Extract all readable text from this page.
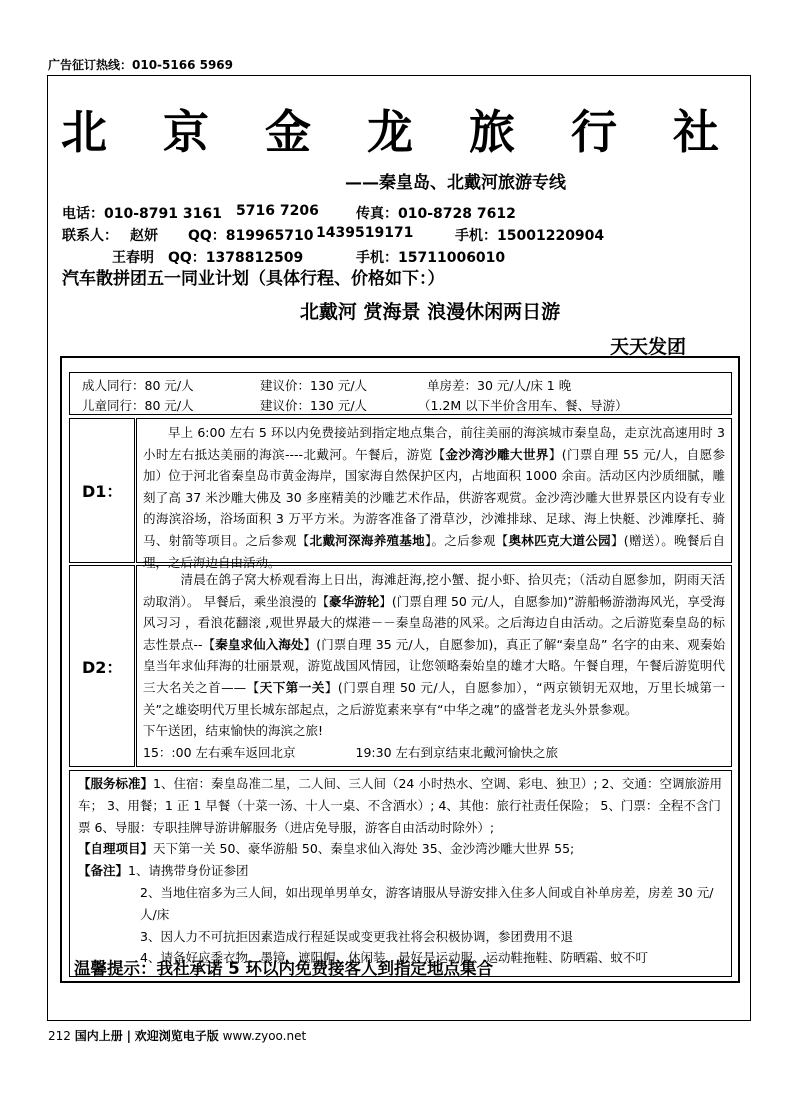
广告征订热线：010-5166 5969
北 京 金 龙 旅 行 社
——秦皇岛、北戴河旅游专线
电话：010-8791 3161 5716 7206	传真：010-8728 7612
联系人： 赵妍 QQ：819965710 1439519171	手机：15001220904
王春明 QQ：1378812509	手机：15711006010
汽车散拼团五一同业计划（具体行程、价格如下：）
北戴河 赏海景 浪漫休闲两日游
天天发团
成人同行：80 元/人	建议价：130 元/人	单房差：30 元/人/床 1 晚
儿童同行：80 元/人	建议价：130 元/人	（1.2M 以下半价含用车、餐、导游）
D1：

早上 6:00 左右 5 环以内免费接站到指定地点集合，前往美丽的海滨城市秦皇岛，走京沈高速用时 3 小时左右抵达美丽的海滨----北戴河。午餐后，游览【金沙湾沙雕大世界】(门票自理 55 元/人，自愿参加）位于河北省秦皇岛市黄金海岸，国家海自然保护区内，占地面积 1000 余亩。活动区内沙质细腻，雕刻了高 37 米沙雕大佛及 30 多座精美的沙雕艺术作品，供游客观赏。金沙湾沙雕大世界景区内设有专业的海滨浴场，浴场面积 3 万平方米。为游客准备了滑草沙，沙滩排球、足球、海上快艇、沙滩摩托、骑马、射箭等项目。之后参观【北戴河深海养殖基地】。之后参观【奥林匹克大道公园】(赠送）。晚餐后自理，之后海边自由活动。

D2：

清晨在鸽子窝大桥观看海上日出，海滩赶海,挖小蟹、捉小虾、拾贝壳；（活动自愿参加，阴雨天活动取消）。 早餐后，乘坐浪漫的【豪华游轮】(门票自理 50 元/人，自愿参加)”游船畅游渤海风光，享受海风习习 ，看浪花翻滚 ,观世界最大的煤港－－秦皇岛港的风采。之后海边自由活动。之后游览秦皇岛的标志性景点--【秦皇求仙入海处】(门票自理 35 元/人，自愿参加)，真正了解“秦皇岛” 名字的由来、观秦始皇当年求仙拜海的壮丽景观，游览战国风情园，让您领略秦始皇的雄才大略。午餐自理，午餐后游览明代三大名关之首——【天下第一关】(门票自理 50 元/人，自愿参加），“两京锁钥无双地，万里长城第一关”之雄姿明代万里长城东部起点，之后游览素来享有“中华之魂”的盛誉老龙头外景参观。

下午送团，结束愉快的海滨之旅!

15：:00 左右乘车返回北京	19:30 左右到京结束北戴河愉快之旅

【服务标准】1、住宿：秦皇岛准二星，二人间、三人间（24 小时热水、空调、彩电、独卫）; 2、交通：空调旅游用车； 3、用餐；1 正 1 早餐（十菜一汤、十人一桌、不含酒水）; 4、其他：旅行社责任保险； 5、门票：全程不含门票 6、导服：专职挂牌导游讲解服务（进店免导服，游客自由活动时除外）;

【自理项目】天下第一关 50、豪华游船 50、秦皇求仙入海处 35、金沙湾沙雕大世界 55;

【备注】1、请携带身份证参团

2、当地住宿多为三人间，如出现单男单女，游客请服从导游安排入住多人间或自补单房差，房差 30 元/人/床

3、因人力不可抗拒因素造成行程延误或变更我社将会积极协调，参团费用不退

4、请备好应季衣物、墨镜、遮阳帽、休闲装、最好是运动服、运动鞋拖鞋、防晒霜、蚊不叮

温馨提示：我社承诺 5 环以内免费接客人到指定地点集合
212 国内上册 | 欢迎浏览电子版 www.zyoo.net
